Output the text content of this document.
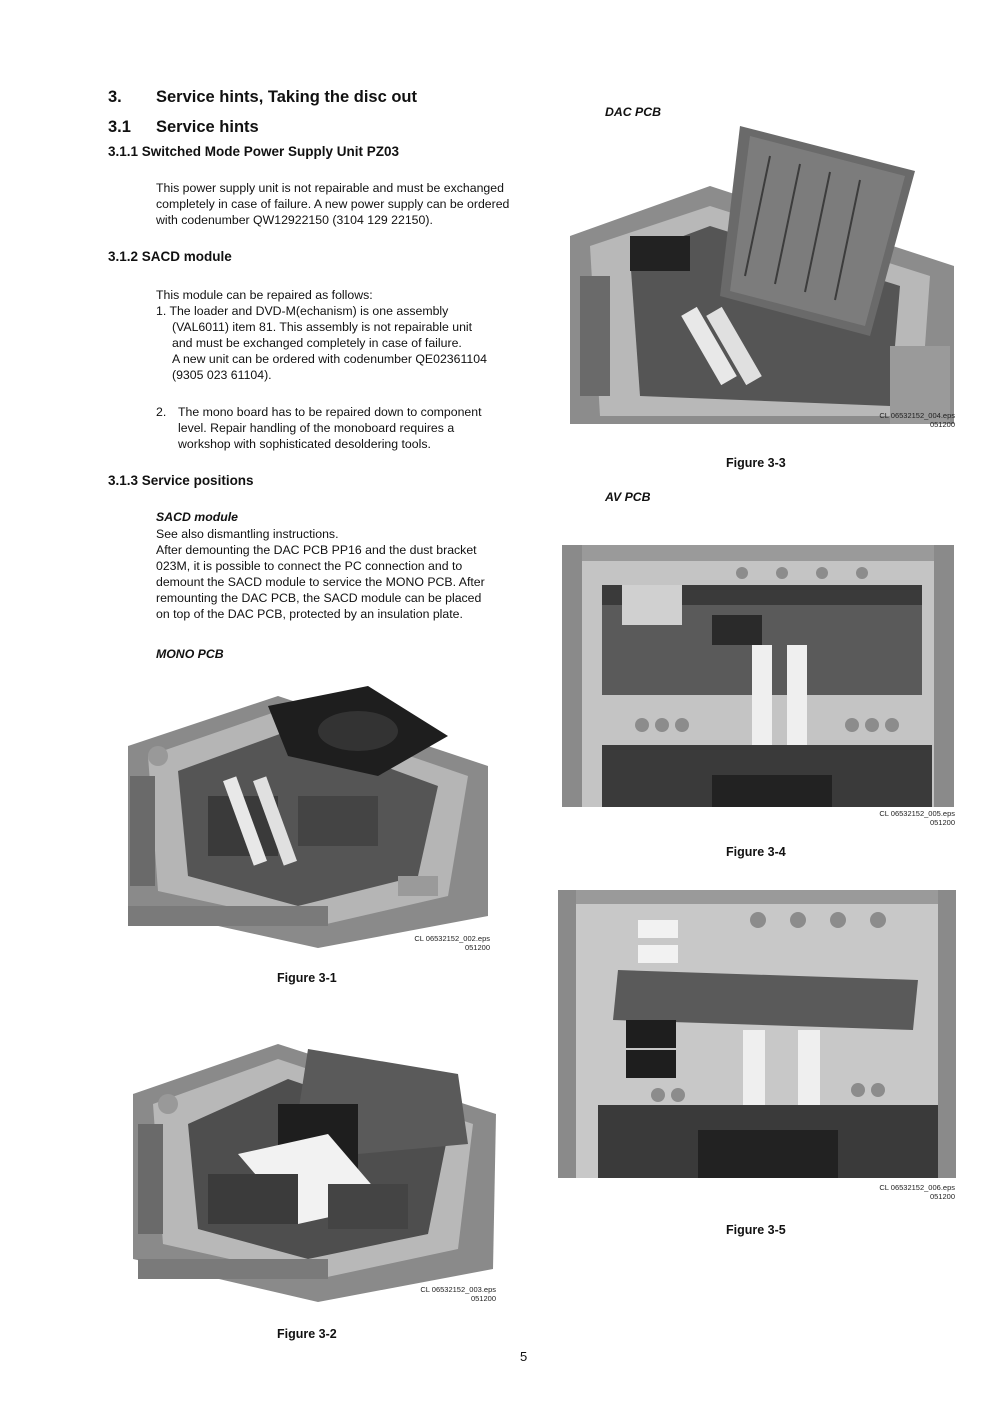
3. Service hints, Taking the disc out
3.1 Service hints
3.1.1 Switched Mode Power Supply Unit PZ03
This power supply unit is not repairable and must be exchanged
completely in case of failure. A new power supply can be ordered
with codenumber QW12922150 (3104 129 22150).
3.1.2 SACD module
This module can be repaired as follows:
1. The loader and DVD-M(echanism) is one assembly
(VAL6011) item 81. This assembly is not repairable unit
and must be exchanged completely in case of failure.
A new unit can be ordered with codenumber QE02361104
(9305 023 61104).
2. The mono board has to be repaired down to component
level. Repair handling of the monoboard requires a
workshop with sophisticated desoldering tools.
3.1.3 Service positions
SACD module
See also dismantling instructions.
After demounting the DAC PCB PP16 and the dust bracket
023M, it is possible to connect the PC connection and to
demount the SACD module to service the MONO PCB. After
remounting the DAC PCB, the SACD module can be placed
on top of the DAC PCB, protected by an insulation plate.
MONO PCB
CL 06532152_002.eps
051200
Figure 3-1
CL 06532152_003.eps
051200
Figure 3-2
DAC PCB
CL 06532152_004.eps
051200
Figure 3-3
AV PCB
CL 06532152_005.eps
051200
Figure 3-4
CL 06532152_006.eps
051200
Figure 3-5
5
